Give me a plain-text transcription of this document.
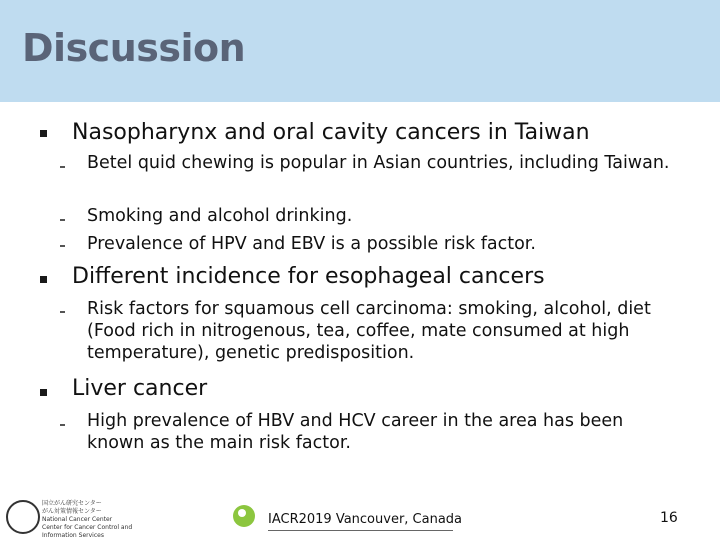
Discussion
Nasopharynx and oral cavity cancers in Taiwan
Betel quid chewing is popular in Asian countries, including Taiwan.
Smoking and alcohol drinking.
Prevalence of HPV and EBV is a possible risk factor.
Different incidence for esophageal cancers
Risk factors for squamous cell carcinoma: smoking, alcohol, diet (Food rich in nitrogenous, tea, coffee, mate consumed at high temperature), genetic predisposition.
Liver cancer
High prevalence of HBV and HCV career in the area has been known as the main risk factor.
国立がん研究センター
がん対策情報センター
National Cancer Center
Center for Cancer Control and Information Services
IACR2019 Vancouver, Canada	16
